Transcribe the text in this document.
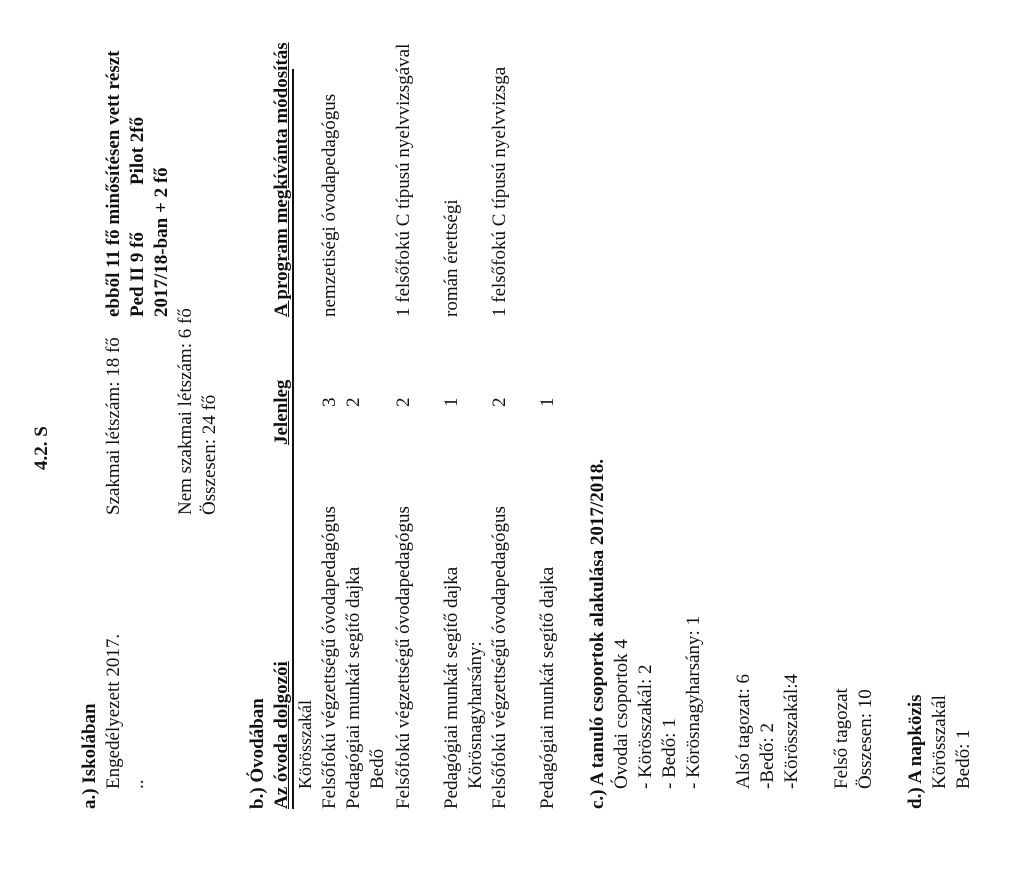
4.2. S
a.) Iskolában Engedélyezett 2017. ..
Szakmai létszám: 18 fő
ebből 11 fő minősítésen vett részt Ped II 9 fő
Pilot 2fő
2017/18-ban + 2 fő
Nem szakmai létszám: 6 fő Összesen: 24 fő
b.) Óvodában Az óvoda dolgozói
Jelenleg
A program megkívánta módosítás
Körösszakál Felsőfokú végzettségű óvodapedagógus
3
nemzetiségi óvodapedagógus
Pedagógiai munkát segítő dajka
2
Bedő Felsőfokú végzettségű óvodapedagógus
2
1 felsőfokú C típusú nyelvvizsgával
Pedagógiai munkát segítő dajka
1
román érettségi
Körösnagyharsány: Felsőfokú végzettségű óvodapedagógus
2
1 felsőfokú C típusú nyelvvizsga
Pedagógiai munkát segítő dajka
1
c.) A tanuló csoportok alakulása 2017/2018. Óvodai csoportok 4 - Körösszakál: 2 - Bedő: 1 - Körösnagyharsány: 1 Alsó tagozat: 6 -Bedő: 2 -Körösszakál:4 Felső tagozat Összesen: 10 d.) A napközis Körösszakál Bedő: 1
